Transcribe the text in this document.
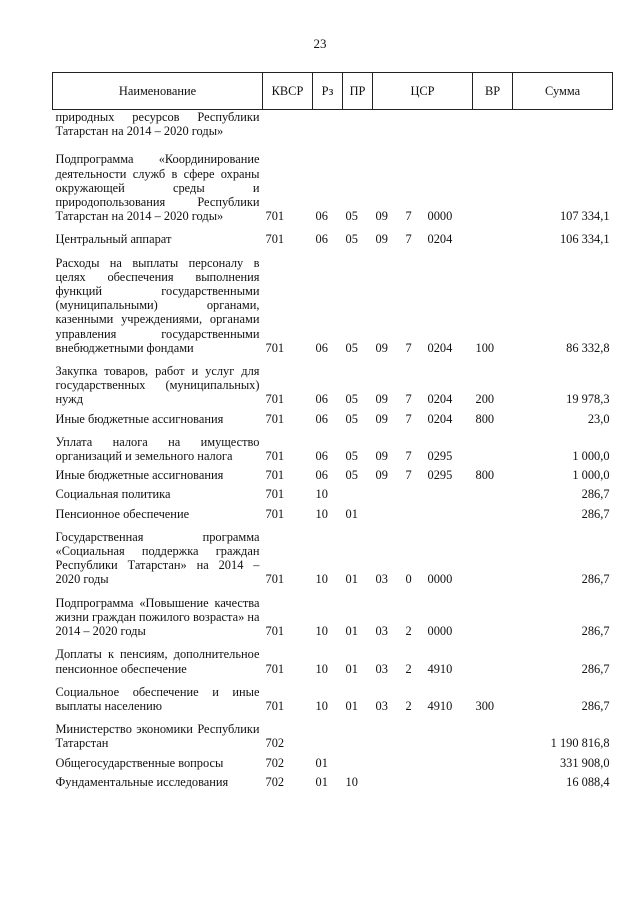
23
Наименование	КВСР	Рз	ПР	ЦСР			ВР	Сумма
природных ресурсов Республики Татарстан на 2014 – 2020 годы»								
Подпрограмма «Координирование деятельности служб в сфере охраны окружающей среды и природопользования Республики Татарстан на 2014 – 2020 годы»	701	06	05	09	7	0000		107 334,1
Центральный аппарат	701	06	05	09	7	0204		106 334,1
Расходы на выплаты персоналу в целях обеспечения выполнения функций государственными (муниципальными) органами, казенными учреждениями, органами управления государственными внебюджетными фондами	701	06	05	09	7	0204	100	86 332,8
Закупка товаров, работ и услуг для государственных (муниципальных) нужд	701	06	05	09	7	0204	200	19 978,3
Иные бюджетные ассигнования	701	06	05	09	7	0204	800	23,0
Уплата налога на имущество организаций и земельного налога	701	06	05	09	7	0295		1 000,0
Иные бюджетные ассигнования	701	06	05	09	7	0295	800	1 000,0
Социальная политика	701	10						286,7
Пенсионное обеспечение	701	10	01					286,7
Государственная программа «Социальная поддержка граждан Республики Татарстан» на 2014 – 2020 годы	701	10	01	03	0	0000		286,7
Подпрограмма «Повышение качества жизни граждан пожилого возраста» на 2014 – 2020 годы	701	10	01	03	2	0000		286,7
Доплаты к пенсиям, дополнительное пенсионное обеспечение	701	10	01	03	2	4910		286,7
Социальное обеспечение и иные выплаты населению	701	10	01	03	2	4910	300	286,7
Министерство экономики Республики Татарстан	702							1 190 816,8
Общегосударственные вопросы	702	01						331 908,0
Фундаментальные исследования	702	01	10					16 088,4
